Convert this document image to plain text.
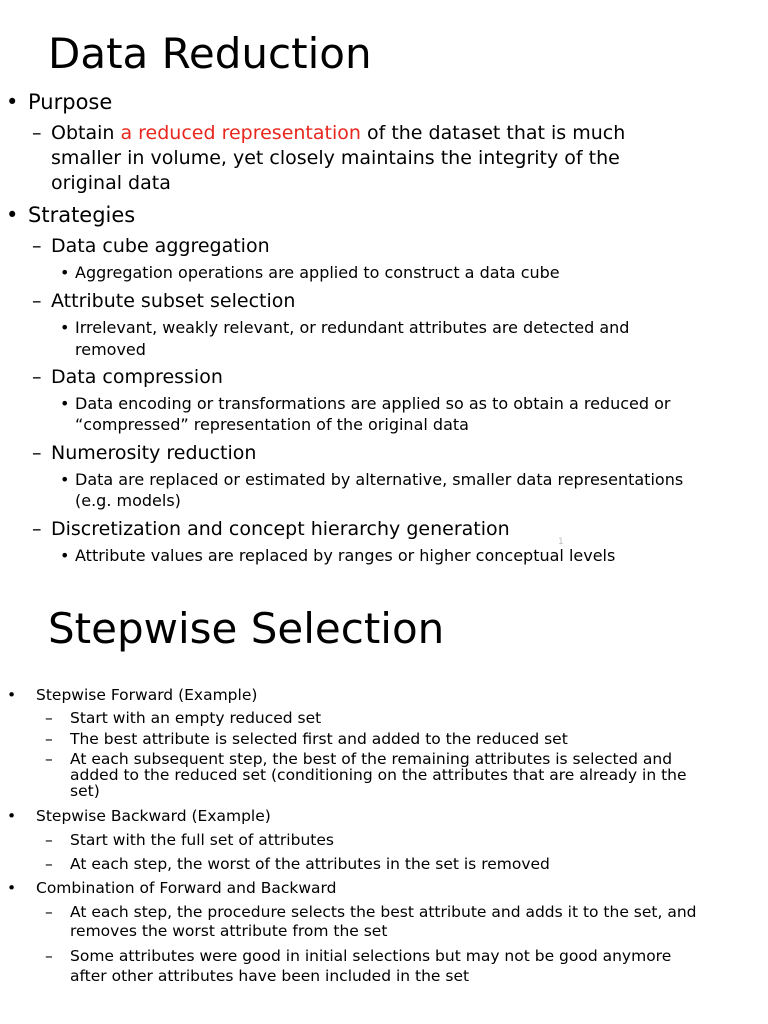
Data Reduction
• Purpose
– Obtain a reduced representation of the dataset that is much
smaller in volume, yet closely maintains the integrity of the
original data
• Strategies
– Data cube aggregation
• Aggregation operations are applied to construct a data cube
– Attribute subset selection
• Irrelevant, weakly relevant, or redundant attributes are detected and
removed
– Data compression
• Data encoding or transformations are applied so as to obtain a reduced or
“compressed” representation of the original data
– Numerosity reduction
• Data are replaced or estimated by alternative, smaller data representations
(e.g. models)
– Discretization and concept hierarchy generation
• Attribute values are replaced by ranges or higher conceptual levels
1
Stepwise Selection
• Stepwise Forward (Example)
– Start with an empty reduced set
– The best attribute is selected first and added to the reduced set
– At each subsequent step, the best of the remaining attributes is selected and
added to the reduced set (conditioning on the attributes that are already in the
set)
• Stepwise Backward (Example)
– Start with the full set of attributes
– At each step, the worst of the attributes in the set is removed
• Combination of Forward and Backward
– At each step, the procedure selects the best attribute and adds it to the set, and
removes the worst attribute from the set
– Some attributes were good in initial selections but may not be good anymore
after other attributes have been included in the set
